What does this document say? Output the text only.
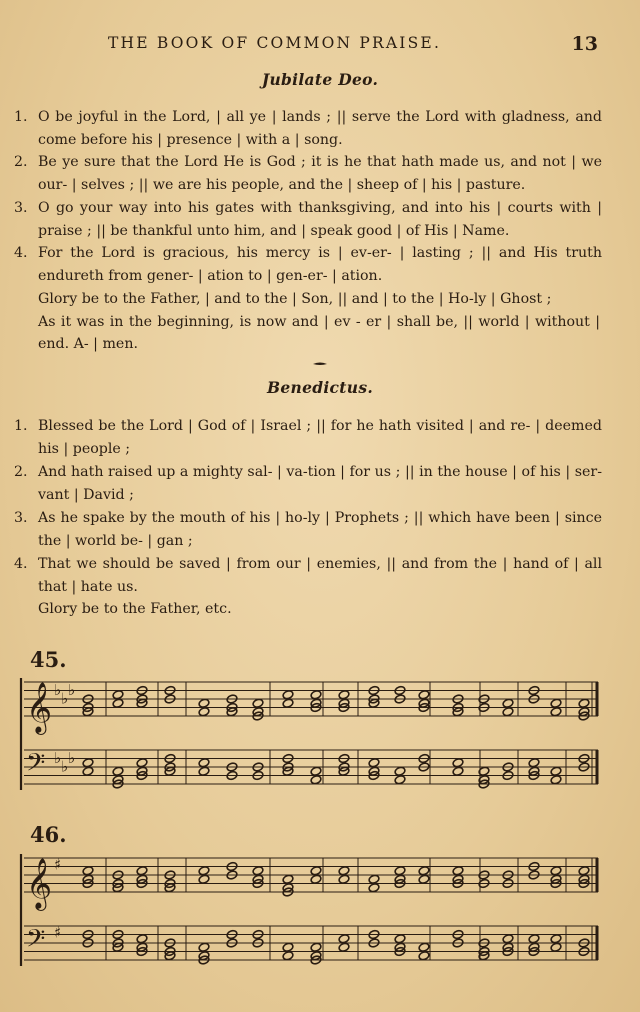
THE BOOK OF COMMON PRAISE.	13
Jubilate Deo.
1. O be joyful in the Lord, | all ye | lands ; || serve the Lord with gladness, and come before his | presence | with a | song.
2. Be ye sure that the Lord He is God ; it is he that hath made us, and not | we our- | selves ; || we are his people, and the | sheep of | his | pasture.
3. O go your way into his gates with thanksgiving, and into his | courts with | praise ; || be thankful unto him, and | speak good | of His | Name.
4. For the Lord is gracious, his mercy is | ev-er- | lasting ; || and His truth endureth from gener- | ation to | gen-er- | ation.
Glory be to the Father, | and to the | Son, || and | to the | Ho-ly | Ghost ;
As it was in the beginning, is now and | ev - er | shall be, || world | without | end. A- | men.
Benedictus.
1. Blessed be the Lord | God of | Israel ; || for he hath visited | and re- | deemed his | people ;
2. And hath raised up a mighty sal- | va-tion | for us ; || in the house | of his | ser-vant | David ;
3. As he spake by the mouth of his | ho-ly | Prophets ; || which have been | since the | world be- | gan ;
4. That we should be saved | from our | enemies, || and from the | hand of | all that | hate us.
Glory be to the Father, etc.
45.
𝄞 ♭ ♭ ♭
𝄢 ♭ ♭ ♭
46.
𝄞 ♯
𝄢 ♯
